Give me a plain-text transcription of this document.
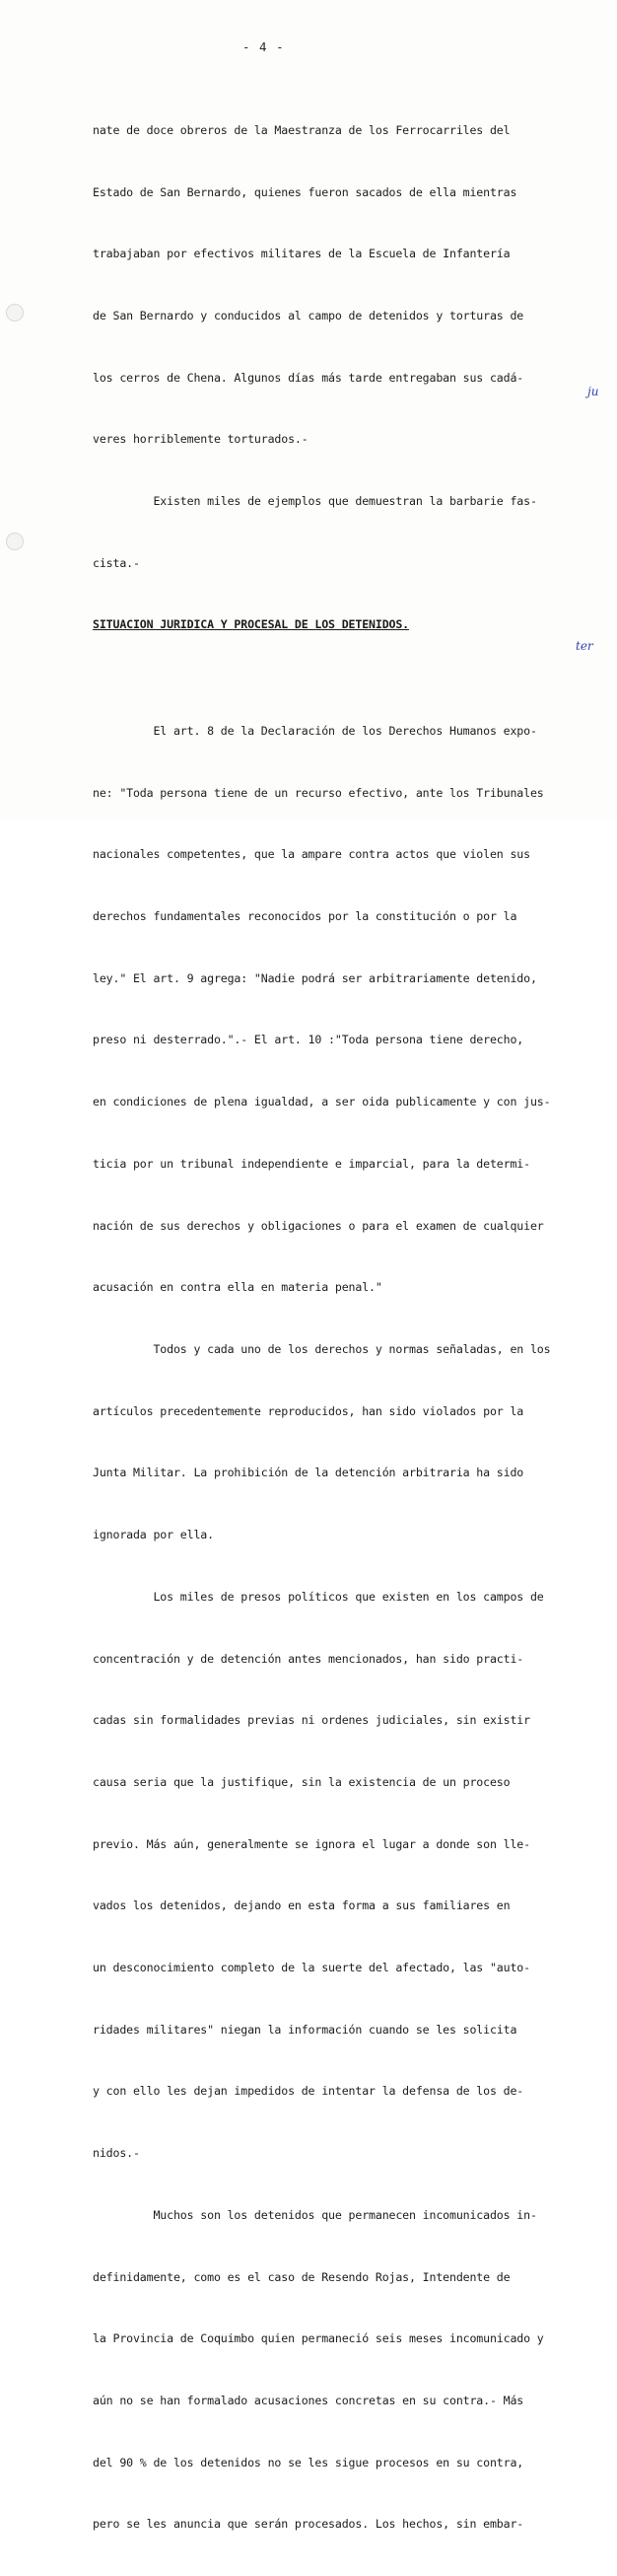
- 4 -

nate de doce obreros de la Maestranza de los Ferrocarriles del

Estado de San Bernardo, quienes fueron sacados de ella mientras

trabajaban por efectivos militares de la Escuela de Infantería

de San Bernardo y conducidos al campo de detenidos y torturas de

los cerros de Chena. Algunos días más tarde entregaban sus cadá-

veres horriblemente torturados.-

Existen miles de ejemplos que demuestran la barbarie fas-

cista.-

SITUACION JURIDICA Y PROCESAL DE LOS DETENIDOS.

El art. 8 de la Declaración de los Derechos Humanos expo-

ne: "Toda persona tiene de un recurso efectivo, ante los Tribunales

nacionales competentes, que la ampare contra actos que violen sus

derechos fundamentales reconocidos por la constitución o por la

ley." El art. 9 agrega: "Nadie podrá ser arbitrariamente detenido,

preso ni desterrado.".- El art. 10 :"Toda persona tiene derecho,

en condiciones de plena igualdad, a ser oida publicamente y con jus-

ticia por un tribunal independiente e imparcial, para la determi-

nación de sus derechos y obligaciones o para el examen de cualquier

acusación en contra ella en materia penal."

Todos y cada uno de los derechos y normas señaladas, en los

artículos precedentemente reproducidos, han sido violados por la

Junta Militar. La prohibición de la detención arbitraria ha sido

ignorada por ella.

Los miles de presos políticos que existen en los campos de

concentración y de detención antes mencionados, han sido practi-

cadas sin formalidades previas ni ordenes judiciales, sin existir

causa seria que la justifique, sin la existencia de un proceso

previo. Más aún, generalmente se ignora el lugar a donde son lle-

vados los detenidos, dejando en esta forma a sus familiares en

un desconocimiento completo de la suerte del afectado, las "auto-

ridades militares" niegan la información cuando se les solicita

y con ello les dejan impedidos de intentar la defensa de los de-

nidos.-

Muchos son los detenidos que permanecen incomunicados in-

definidamente, como es el caso de Resendo Rojas, Intendente de

la Provincia de Coquimbo quien permaneció seis meses incomunicado y

aún no se han formalado acusaciones concretas en su contra.- Más

del 90 % de los detenidos no se les sigue procesos en su contra,

pero se les anuncia que serán procesados. Los hechos, sin embar-

ju
ter
